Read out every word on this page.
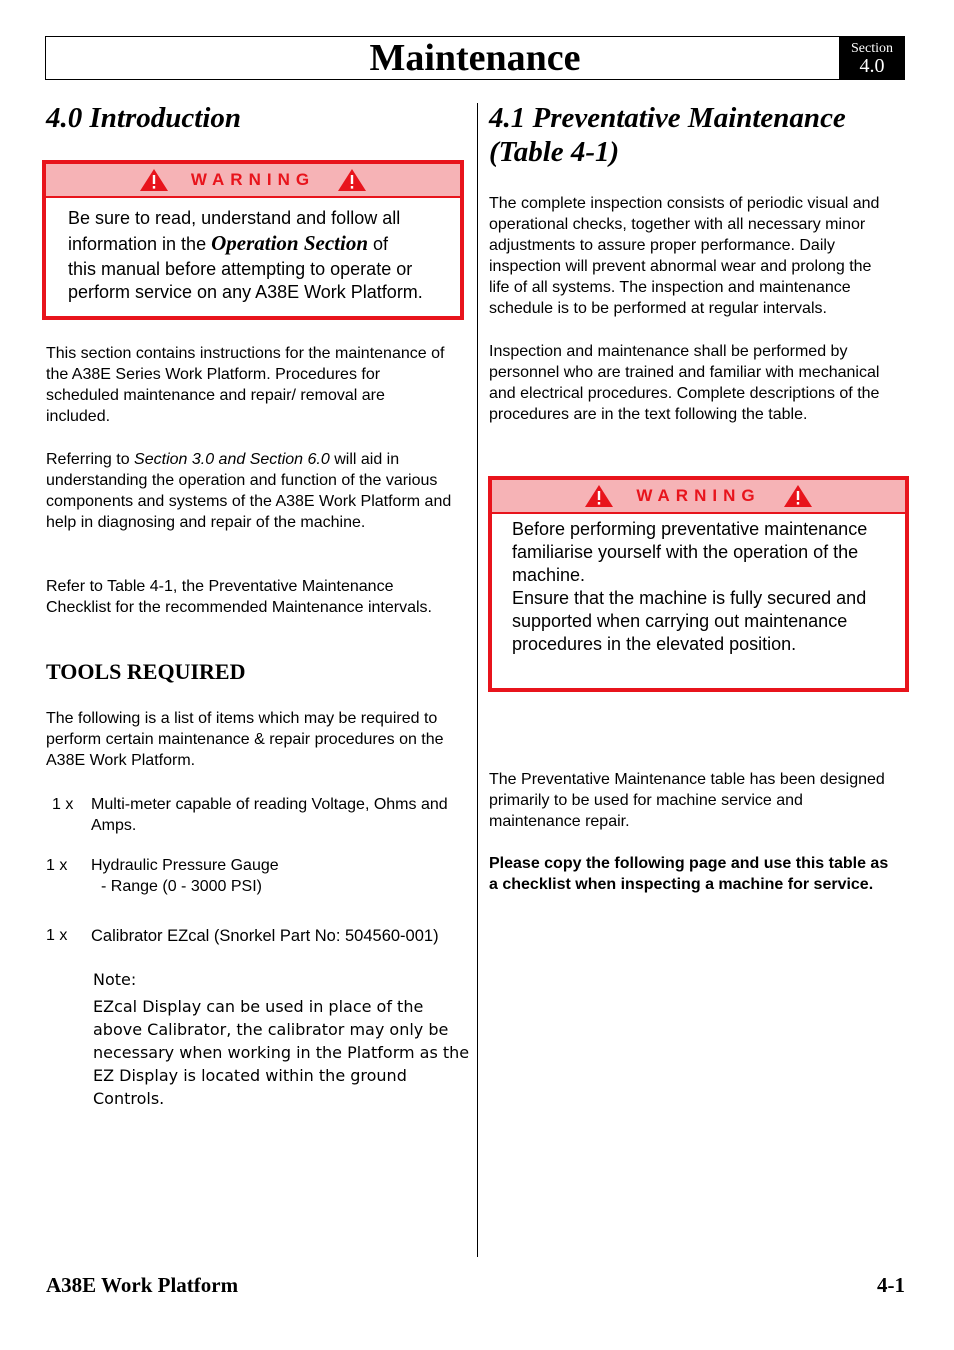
Maintenance	Section
4.0
4.0 Introduction
WARNING
Be sure to read, understand and follow all
information in the Operation Section of
this manual before attempting to operate or
perform service on any A38E Work Platform.

This section contains instructions for the maintenance of the A38E Series Work Platform. Procedures for scheduled maintenance and repair/ removal are included.

Referring to Section 3.0 and Section 6.0 will aid in understanding the operation and function of the various components and systems of the A38E Work Platform and help in diagnosing and repair of the machine.

Refer to Table 4-1, the Preventative Maintenance Checklist for the recommended Maintenance intervals.

TOOLS REQUIRED

The following is a list of items which may be required to perform certain maintenance & repair procedures on the A38E Work Platform.

1 x Multi-meter capable of reading Voltage, Ohms and Amps.
1 x Hydraulic Pressure Gauge
- Range (0 - 3000 PSI)
1 x Calibrator EZcal (Snorkel Part No: 504560-001)

Note:

EZcal Display can be used in place of the above Calibrator, the calibrator may only be necessary when working in the Platform as the EZ Display is located within the ground Controls.

4.1 Preventative Maintenance
(Table 4-1)

The complete inspection consists of periodic visual and operational checks, together with all necessary minor adjustments to assure proper performance. Daily inspection will prevent abnormal wear and prolong the life of all systems. The inspection and maintenance schedule is to be performed at regular intervals.

Inspection and maintenance shall be performed by personnel who are trained and familiar with mechanical and electrical procedures. Complete descriptions of the procedures are in the text following the table.

WARNING
Before performing preventative maintenance familiarise yourself with the operation of the machine.
Ensure that the machine is fully secured and supported when carrying out maintenance procedures in the elevated position.

The Preventative Maintenance table has been designed primarily to be used for machine service and maintenance repair.

Please copy the following page and use this table as a checklist when inspecting a machine for service.

A38E Work Platform	4-1
